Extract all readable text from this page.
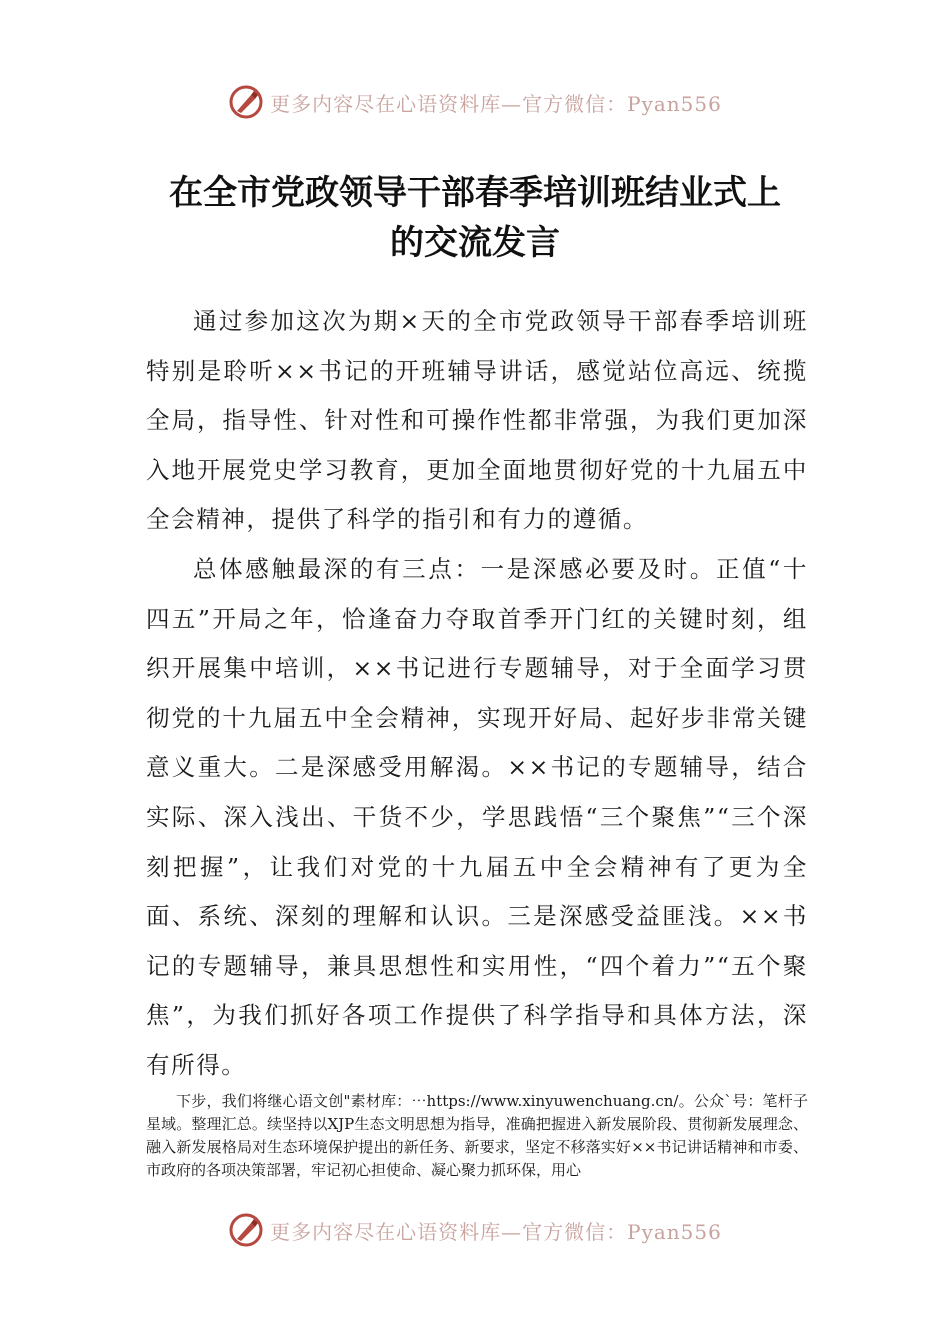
更多内容尽在心语资料库—官方微信：Pyan556
在全市党政领导干部春季培训班结业式上
的交流发言

通过参加这次为期×天的全市党政领导干部春季培训班特别是聆听××书记的开班辅导讲话，感觉站位高远、统揽全局，指导性、针对性和可操作性都非常强，为我们更加深入地开展党史学习教育，更加全面地贯彻好党的十九届五中全会精神，提供了科学的指引和有力的遵循。

总体感触最深的有三点：一是深感必要及时。正值“十四五”开局之年，恰逢奋力夺取首季开门红的关键时刻，组织开展集中培训，××书记进行专题辅导，对于全面学习贯彻党的十九届五中全会精神，实现开好局、起好步非常关键意义重大。二是深感受用解渴。××书记的专题辅导，结合实际、深入浅出、干货不少，学思践悟“三个聚焦”“三个深刻把握”，让我们对党的十九届五中全会精神有了更为全面、系统、深刻的理解和认识。三是深感受益匪浅。××书记的专题辅导，兼具思想性和实用性，“四个着力”“五个聚焦”，为我们抓好各项工作提供了科学指导和具体方法，深有所得。

下步，我们将继心语文创"素材库：⋯https://www.xinyuwenchuang.cn/。公众`号：笔杆子星域。整理汇总。续坚持以XJP生态文明思想为指导，准确把握进入新发展阶段、贯彻新发展理念、融入新发展格局对生态环境保护提出的新任务、新要求，坚定不移落实好××书记讲话精神和市委、市政府的各项决策部署，牢记初心担使命、凝心聚力抓环保，用心

更多内容尽在心语资料库—官方微信：Pyan556
